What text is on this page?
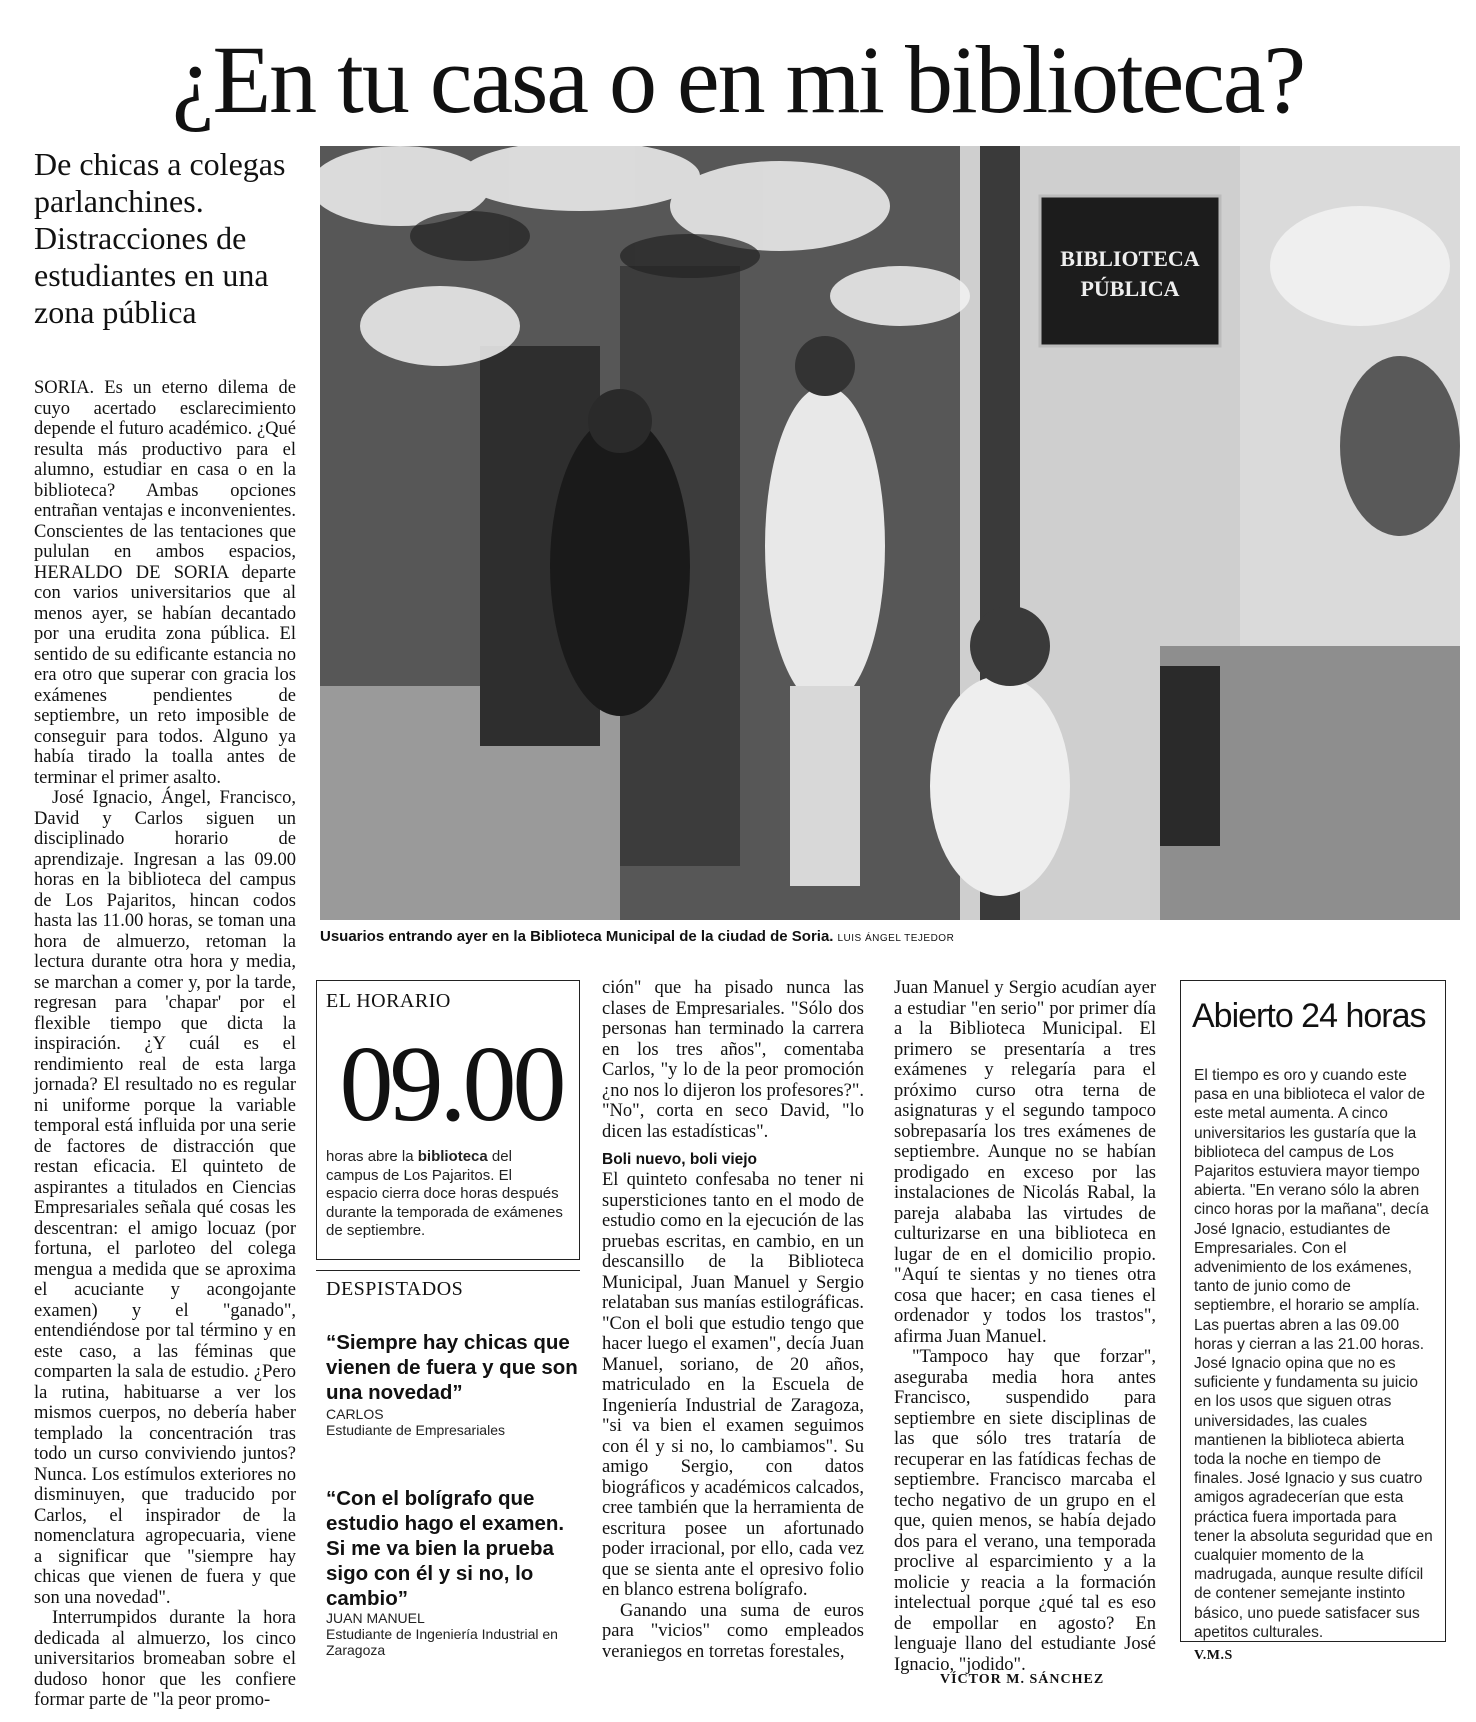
¿En tu casa o en mi biblioteca?
De chicas a colegas parlanchines. Distracciones de estudiantes en una zona pública

SORIA. Es un eterno dilema de cuyo acertado esclarecimiento depende el futuro académico. ¿Qué resulta más productivo para el alumno, estudiar en casa o en la biblioteca? Ambas opciones entrañan ventajas e inconvenientes. Conscientes de las tentaciones que pululan en ambos espacios, HERALDO DE SORIA departe con varios universitarios que al menos ayer, se habían decantado por una erudita zona pública. El sentido de su edificante estancia no era otro que superar con gracia los exámenes pendientes de septiembre, un reto imposible de conseguir para todos. Alguno ya había tirado la toalla antes de terminar el primer asalto.

José Ignacio, Ángel, Francisco, David y Carlos siguen un disciplinado horario de aprendizaje. Ingresan a las 09.00 horas en la biblioteca del campus de Los Pajaritos, hincan codos hasta las 11.00 horas, se toman una hora de almuerzo, retoman la lectura durante otra hora y media, se marchan a comer y, por la tarde, regresan para 'chapar' por el flexible tiempo que dicta la inspiración. ¿Y cuál es el rendimiento real de esta larga jornada? El resultado no es regular ni uniforme porque la variable temporal está influida por una serie de factores de distracción que restan eficacia. El quinteto de aspirantes a titulados en Ciencias Empresariales señala qué cosas les descentran: el amigo locuaz (por fortuna, el parloteo del colega mengua a medida que se aproxima el acuciante y acongojante examen) y el "ganado", entendiéndose por tal término y en este caso, a las féminas que comparten la sala de estudio. ¿Pero la rutina, habituarse a ver los mismos cuerpos, no debería haber templado la concentración tras todo un curso conviviendo juntos? Nunca. Los estímulos exteriores no disminuyen, que traducido por Carlos, el inspirador de la nomenclatura agropecuaria, viene a significar que "siempre hay chicas que vienen de fuera y que son una novedad".

Interrumpidos durante la hora dedicada al almuerzo, los cinco universitarios bromeaban sobre el dudoso honor que les confiere formar parte de "la peor promo-

BIBLIOTECA
PÚBLICA
Usuarios entrando ayer en la Biblioteca Municipal de la ciudad de Soria. LUIS ÁNGEL TEJEDOR
EL HORARIO
09.00
horas abre la biblioteca del campus de Los Pajaritos. El espacio cierra doce horas después durante la temporada de exámenes de septiembre.
DESPISTADOS
“Siempre hay chicas que vienen de fuera y que son una novedad”
CARLOS
Estudiante de Empresariales
“Con el bolígrafo que estudio hago el examen. Si me va bien la prueba sigo con él y si no, lo cambio”
JUAN MANUEL
Estudiante de Ingeniería Industrial en Zaragoza

ción" que ha pisado nunca las clases de Empresariales. "Sólo dos personas han terminado la carrera en los tres años", comentaba Carlos, "y lo de la peor promoción ¿no nos lo dijeron los profesores?". "No", corta en seco David, "lo dicen las estadísticas".

Boli nuevo, boli viejo

El quinteto confesaba no tener ni supersticiones tanto en el modo de estudio como en la ejecución de las pruebas escritas, en cambio, en un descansillo de la Biblioteca Municipal, Juan Manuel y Sergio relataban sus manías estilográficas. "Con el boli que estudio tengo que hacer luego el examen", decía Juan Manuel, soriano, de 20 años, matriculado en la Escuela de Ingeniería Industrial de Zaragoza, "si va bien el examen seguimos con él y si no, lo cambiamos". Su amigo Sergio, con datos biográficos y académicos calcados, cree también que la herramienta de escritura posee un afortunado poder irracional, por ello, cada vez que se sienta ante el opresivo folio en blanco estrena bolígrafo.

Ganando una suma de euros para "vicios" como empleados veraniegos en torretas forestales,

Juan Manuel y Sergio acudían ayer a estudiar "en serio" por primer día a la Biblioteca Municipal. El primero se presentaría a tres exámenes y relegaría para el próximo curso otra terna de asignaturas y el segundo tampoco sobrepasaría los tres exámenes de septiembre. Aunque no se habían prodigado en exceso por las instalaciones de Nicolás Rabal, la pareja alababa las virtudes de culturizarse en una biblioteca en lugar de en el domicilio propio. "Aquí te sientas y no tienes otra cosa que hacer; en casa tienes el ordenador y todos los trastos", afirma Juan Manuel.

"Tampoco hay que forzar", aseguraba media hora antes Francisco, suspendido para septiembre en siete disciplinas de las que sólo tres trataría de recuperar en las fatídicas fechas de septiembre. Francisco marcaba el techo negativo de un grupo en el que, quien menos, se había dejado dos para el verano, una temporada proclive al esparcimiento y a la molicie y reacia a la formación intelectual porque ¿qué tal es eso de empollar en agosto? En lenguaje llano del estudiante José Ignacio, "jodido".

VÍCTOR M. SÁNCHEZ
Abierto 24 horas
El tiempo es oro y cuando este pasa en una biblioteca el valor de este metal aumenta. A cinco universitarios les gustaría que la biblioteca del campus de Los Pajaritos estuviera mayor tiempo abierta. "En verano sólo la abren cinco horas por la mañana", decía José Ignacio, estudiantes de Empresariales. Con el advenimiento de los exámenes, tanto de junio como de septiembre, el horario se amplía. Las puertas abren a las 09.00 horas y cierran a las 21.00 horas. José Ignacio opina que no es suficiente y fundamenta su juicio en los usos que siguen otras universidades, las cuales mantienen la biblioteca abierta toda la noche en tiempo de finales. José Ignacio y sus cuatro amigos agradecerían que esta práctica fuera importada para tener la absoluta seguridad que en cualquier momento de la madrugada, aunque resulte difícil de contener semejante instinto básico, uno puede satisfacer sus apetitos culturales.
V.M.S
